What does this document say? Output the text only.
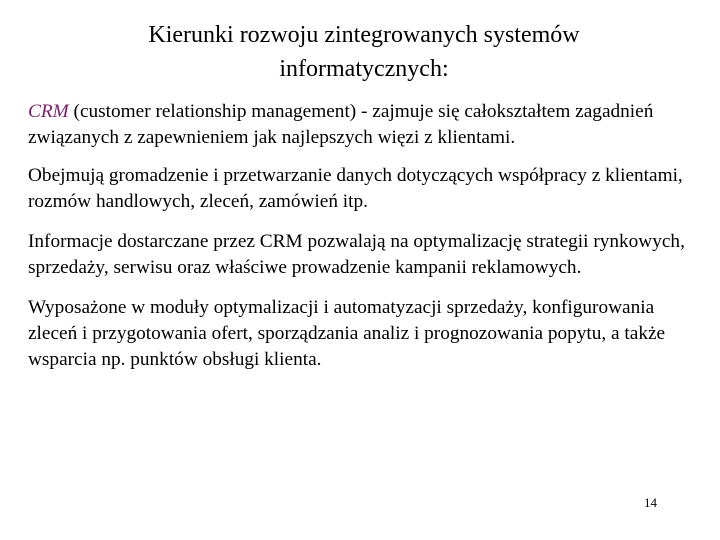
Kierunki rozwoju zintegrowanych systemów
informatycznych:

CRM (customer relationship management) - zajmuje się całokształtem zagadnień związanych z zapewnieniem jak najlepszych więzi z klientami.

Obejmują gromadzenie i przetwarzanie danych dotyczących współpracy z klientami, rozmów handlowych, zleceń, zamówień itp.

Informacje dostarczane przez CRM pozwalają na optymalizację strategii rynkowych, sprzedaży, serwisu oraz właściwe prowadzenie kampanii reklamowych.

Wyposażone w moduły optymalizacji i automatyzacji sprzedaży, konfigurowania zleceń i przygotowania ofert, sporządzania analiz i prognozowania popytu, a także wsparcia np. punktów obsługi klienta.

14
